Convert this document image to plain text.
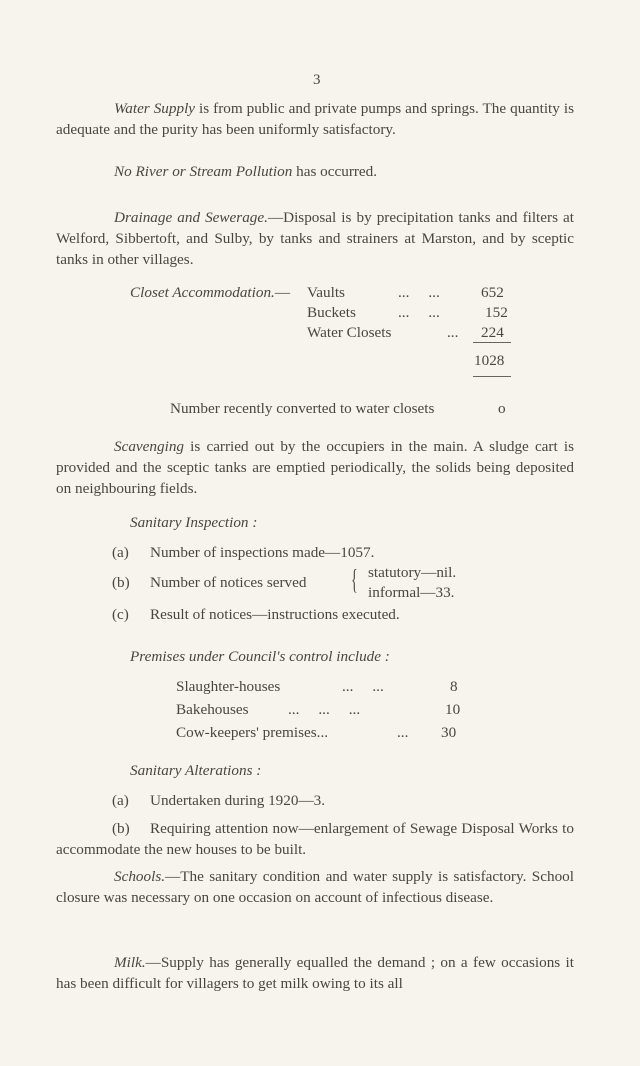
3

Water Supply is from public and private pumps and springs. The quantity is adequate and the purity has been uniformly satisfactory.

No River or Stream Pollution has occurred.

Drainage and Sewerage.—Disposal is by precipitation tanks and filters at Welford, Sibbertoft, and Sulby, by tanks and strainers at Marston, and by sceptic tanks in other villages.

Closet Accommodation.— Vaults	...     ...	652
Buckets	...     ...	152
Water Closets	... 224
1028
Number recently converted to water closets	o

Scavenging is carried out by the occupiers in the main. A sludge cart is provided and the sceptic tanks are emptied periodically, the solids being deposited on neighbouring fields.

Sanitary Inspection :
(a) Number of inspections made—1057.
(b) Number of notices served { statutory—nil.
informal—33.
(c) Result of notices—instructions executed.
Premises under Council's control include :
Slaughter-houses	...     ...	8
Bakehouses	...     ...     ...	10
Cow-keepers' premises...	... 30
Sanitary Alterations :
(a) Undertaken during 1920—3.
(b)	Requiring attention now—enlargement of Sewage Disposal Works to accommodate the new houses to be built.

Schools.—The sanitary condition and water supply is satisfactory. School closure was necessary on one occasion on account of infectious disease.

Milk.—Supply has generally equalled the demand ; on a few occasions it has been difficult for villagers to get milk owing to its all
